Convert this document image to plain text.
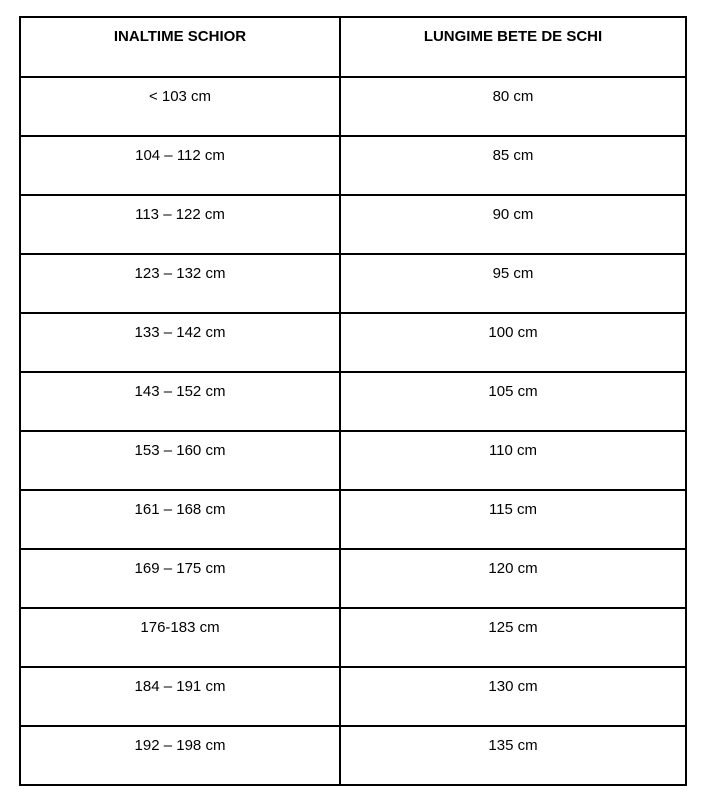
INALTIME SCHIOR	LUNGIME BETE DE SCHI
< 103 cm	80 cm
104 – 112 cm	85 cm
113 – 122 cm	90 cm
123 – 132 cm	95 cm
133 – 142 cm	100 cm
143 – 152 cm	105 cm
153 – 160 cm	110 cm
161 – 168 cm	115 cm
169 – 175 cm	120 cm
176-183 cm	125 cm
184 – 191 cm	130 cm
192 – 198 cm	135 cm
